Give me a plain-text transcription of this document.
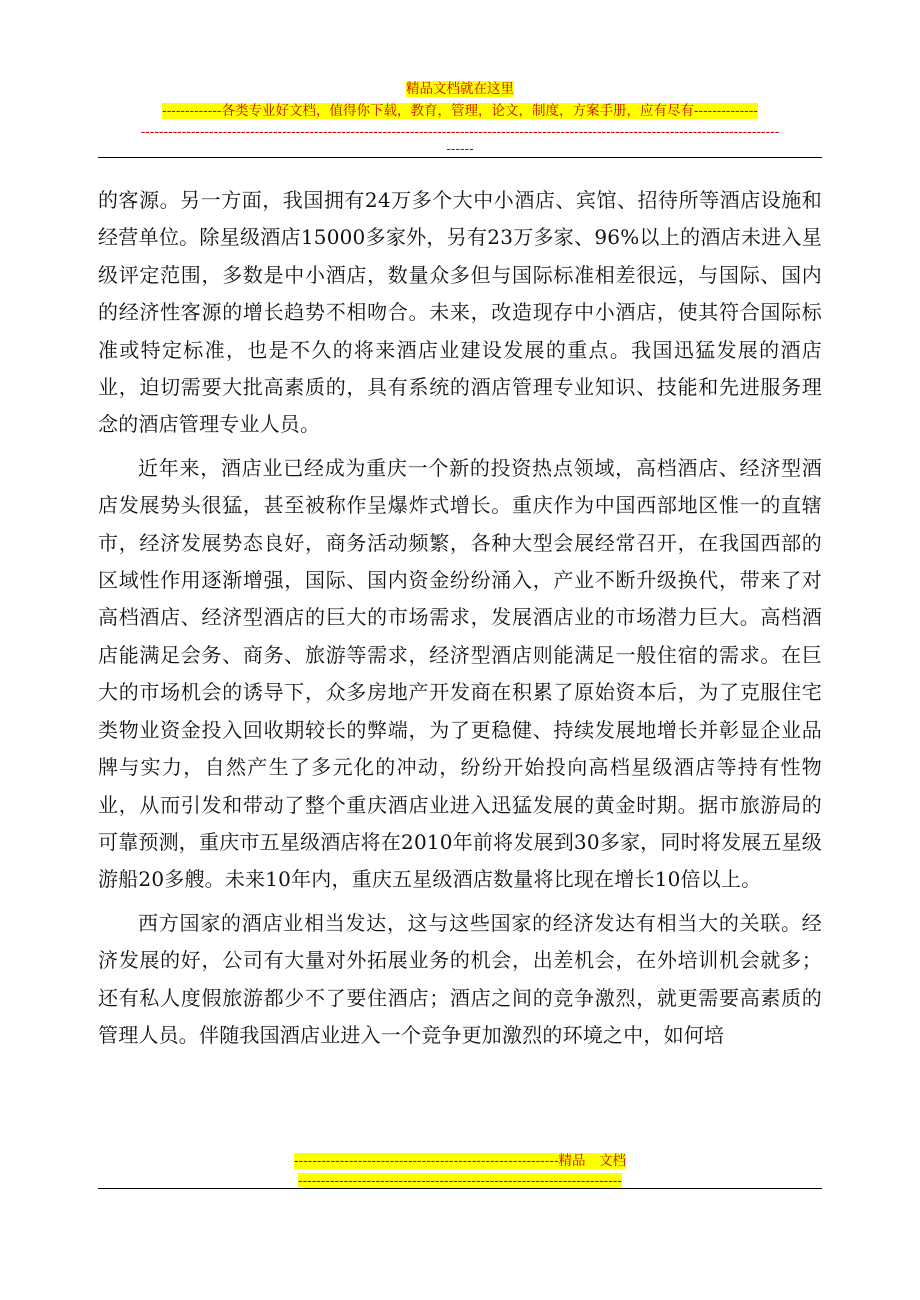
精品文档就在这里
-------------各类专业好文档，值得你下载，教育，管理，论文，制度，方案手册，应有尽有--------------
--------------------------------------------------------------------------------------------------------------------------------------------
------

的客源。另一方面，我国拥有24万多个大中小酒店、宾馆、招待所等酒店设施和经营单位。除星级酒店15000多家外，另有23万多家、96%以上的酒店未进入星级评定范围，多数是中小酒店，数量众多但与国际标准相差很远，与国际、国内的经济性客源的增长趋势不相吻合。未来，改造现存中小酒店，使其符合国际标准或特定标准，也是不久的将来酒店业建设发展的重点。我国迅猛发展的酒店业，迫切需要大批高素质的，具有系统的酒店管理专业知识、技能和先进服务理念的酒店管理专业人员。

近年来，酒店业已经成为重庆一个新的投资热点领域，高档酒店、经济型酒店发展势头很猛，甚至被称作呈爆炸式增长。重庆作为中国西部地区惟一的直辖市，经济发展势态良好，商务活动频繁，各种大型会展经常召开，在我国西部的区域性作用逐渐增强，国际、国内资金纷纷涌入，产业不断升级换代，带来了对高档酒店、经济型酒店的巨大的市场需求，发展酒店业的市场潜力巨大。高档酒店能满足会务、商务、旅游等需求，经济型酒店则能满足一般住宿的需求。在巨大的市场机会的诱导下，众多房地产开发商在积累了原始资本后，为了克服住宅类物业资金投入回收期较长的弊端，为了更稳健、持续发展地增长并彰显企业品牌与实力，自然产生了多元化的冲动，纷纷开始投向高档星级酒店等持有性物业，从而引发和带动了整个重庆酒店业进入迅猛发展的黄金时期。据市旅游局的可靠预测，重庆市五星级酒店将在2010年前将发展到30多家，同时将发展五星级游船20多艘。未来10年内，重庆五星级酒店数量将比现在增长10倍以上。

西方国家的酒店业相当发达，这与这些国家的经济发达有相当大的关联。经济发展的好，公司有大量对外拓展业务的机会，出差机会，在外培训机会就多；还有私人度假旅游都少不了要住酒店；酒店之间的竞争激烈，就更需要高素质的管理人员。伴随我国酒店业进入一个竞争更加激烈的环境之中，如何培

----------------------------------------------------------精品　文档
-----------------------------------------------------------------------
